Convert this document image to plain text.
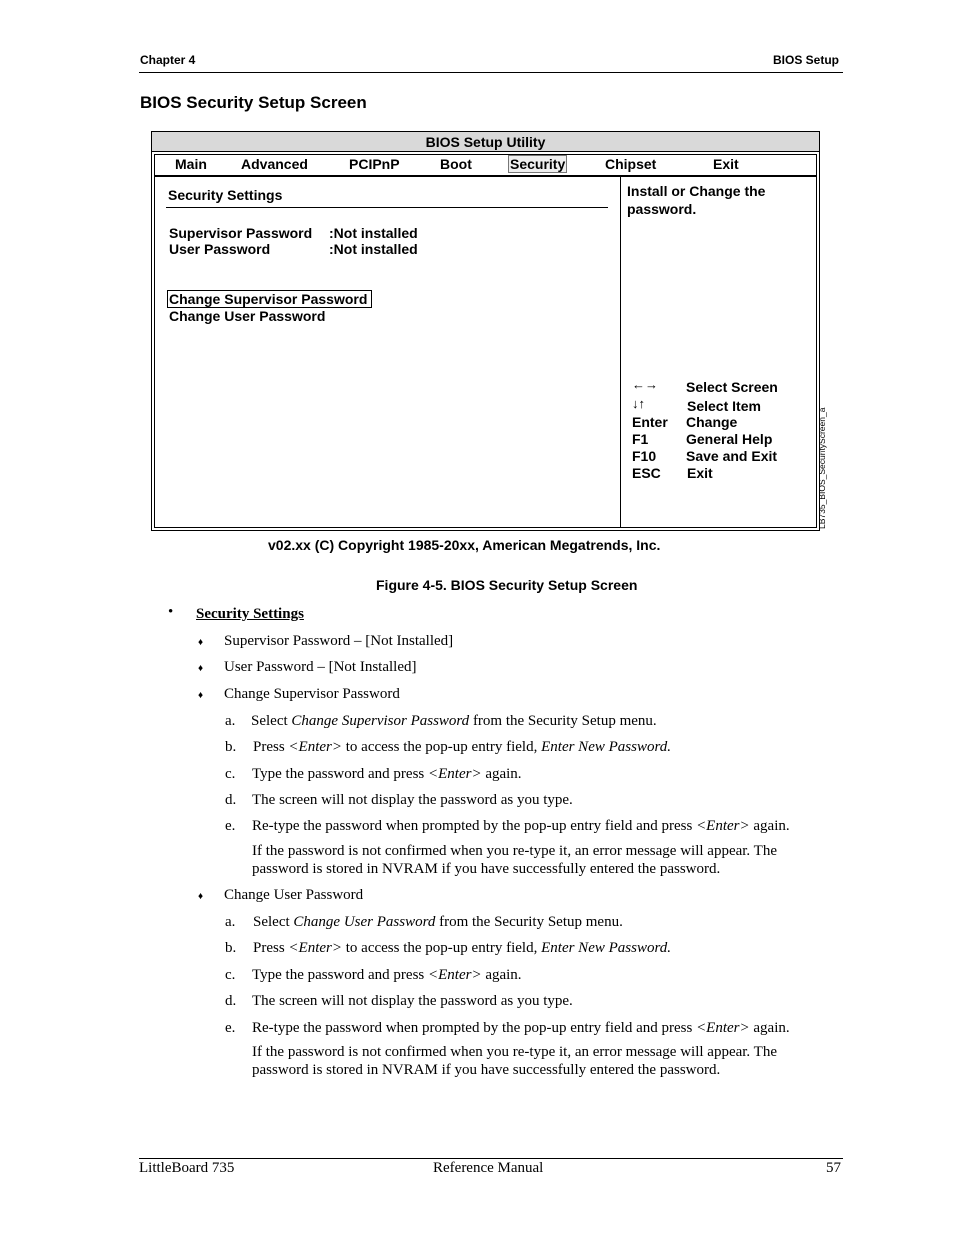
Chapter 4	BIOS Setup
BIOS Security Setup Screen
BIOS Setup Utility
Main Advanced	PCIPnP	Boot	Security	Chipset	Exit
Security Settings
Supervisor Password :Not installed
User Password	:Not installed
Change Supervisor Password
Change User Password
Install or Change the
password.
←→ Select Screen
↓↑	Select Item
Enter Change
F1	General Help
F10 Save and Exit
ESC Exit	LB735_BIOS_SecurityScreen_a
v02.xx (C) Copyright 1985-20xx, American Megatrends, Inc.
Figure 4-5. BIOS Security Setup Screen
• Security Settings
♦ Supervisor Password – [Not Installed]
♦ User Password – [Not Installed]
♦ Change Supervisor Password
a. Select Change Supervisor Password from the Security Setup menu.
b. Press <Enter> to access the pop-up entry field, Enter New Password.
c. Type the password and press <Enter> again.
d. The screen will not display the password as you type.
e. Re-type the password when prompted by the pop-up entry field and press <Enter> again.
If the password is not confirmed when you re-type it, an error message will appear. The
password is stored in NVRAM if you have successfully entered the password.
♦ Change User Password
a. Select Change User Password from the Security Setup menu.
b. Press <Enter> to access the pop-up entry field, Enter New Password.
c. Type the password and press <Enter> again.
d. The screen will not display the password as you type.
e. Re-type the password when prompted by the pop-up entry field and press <Enter> again.
If the password is not confirmed when you re-type it, an error message will appear. The
password is stored in NVRAM if you have successfully entered the password.
LittleBoard 735	Reference Manual	57
